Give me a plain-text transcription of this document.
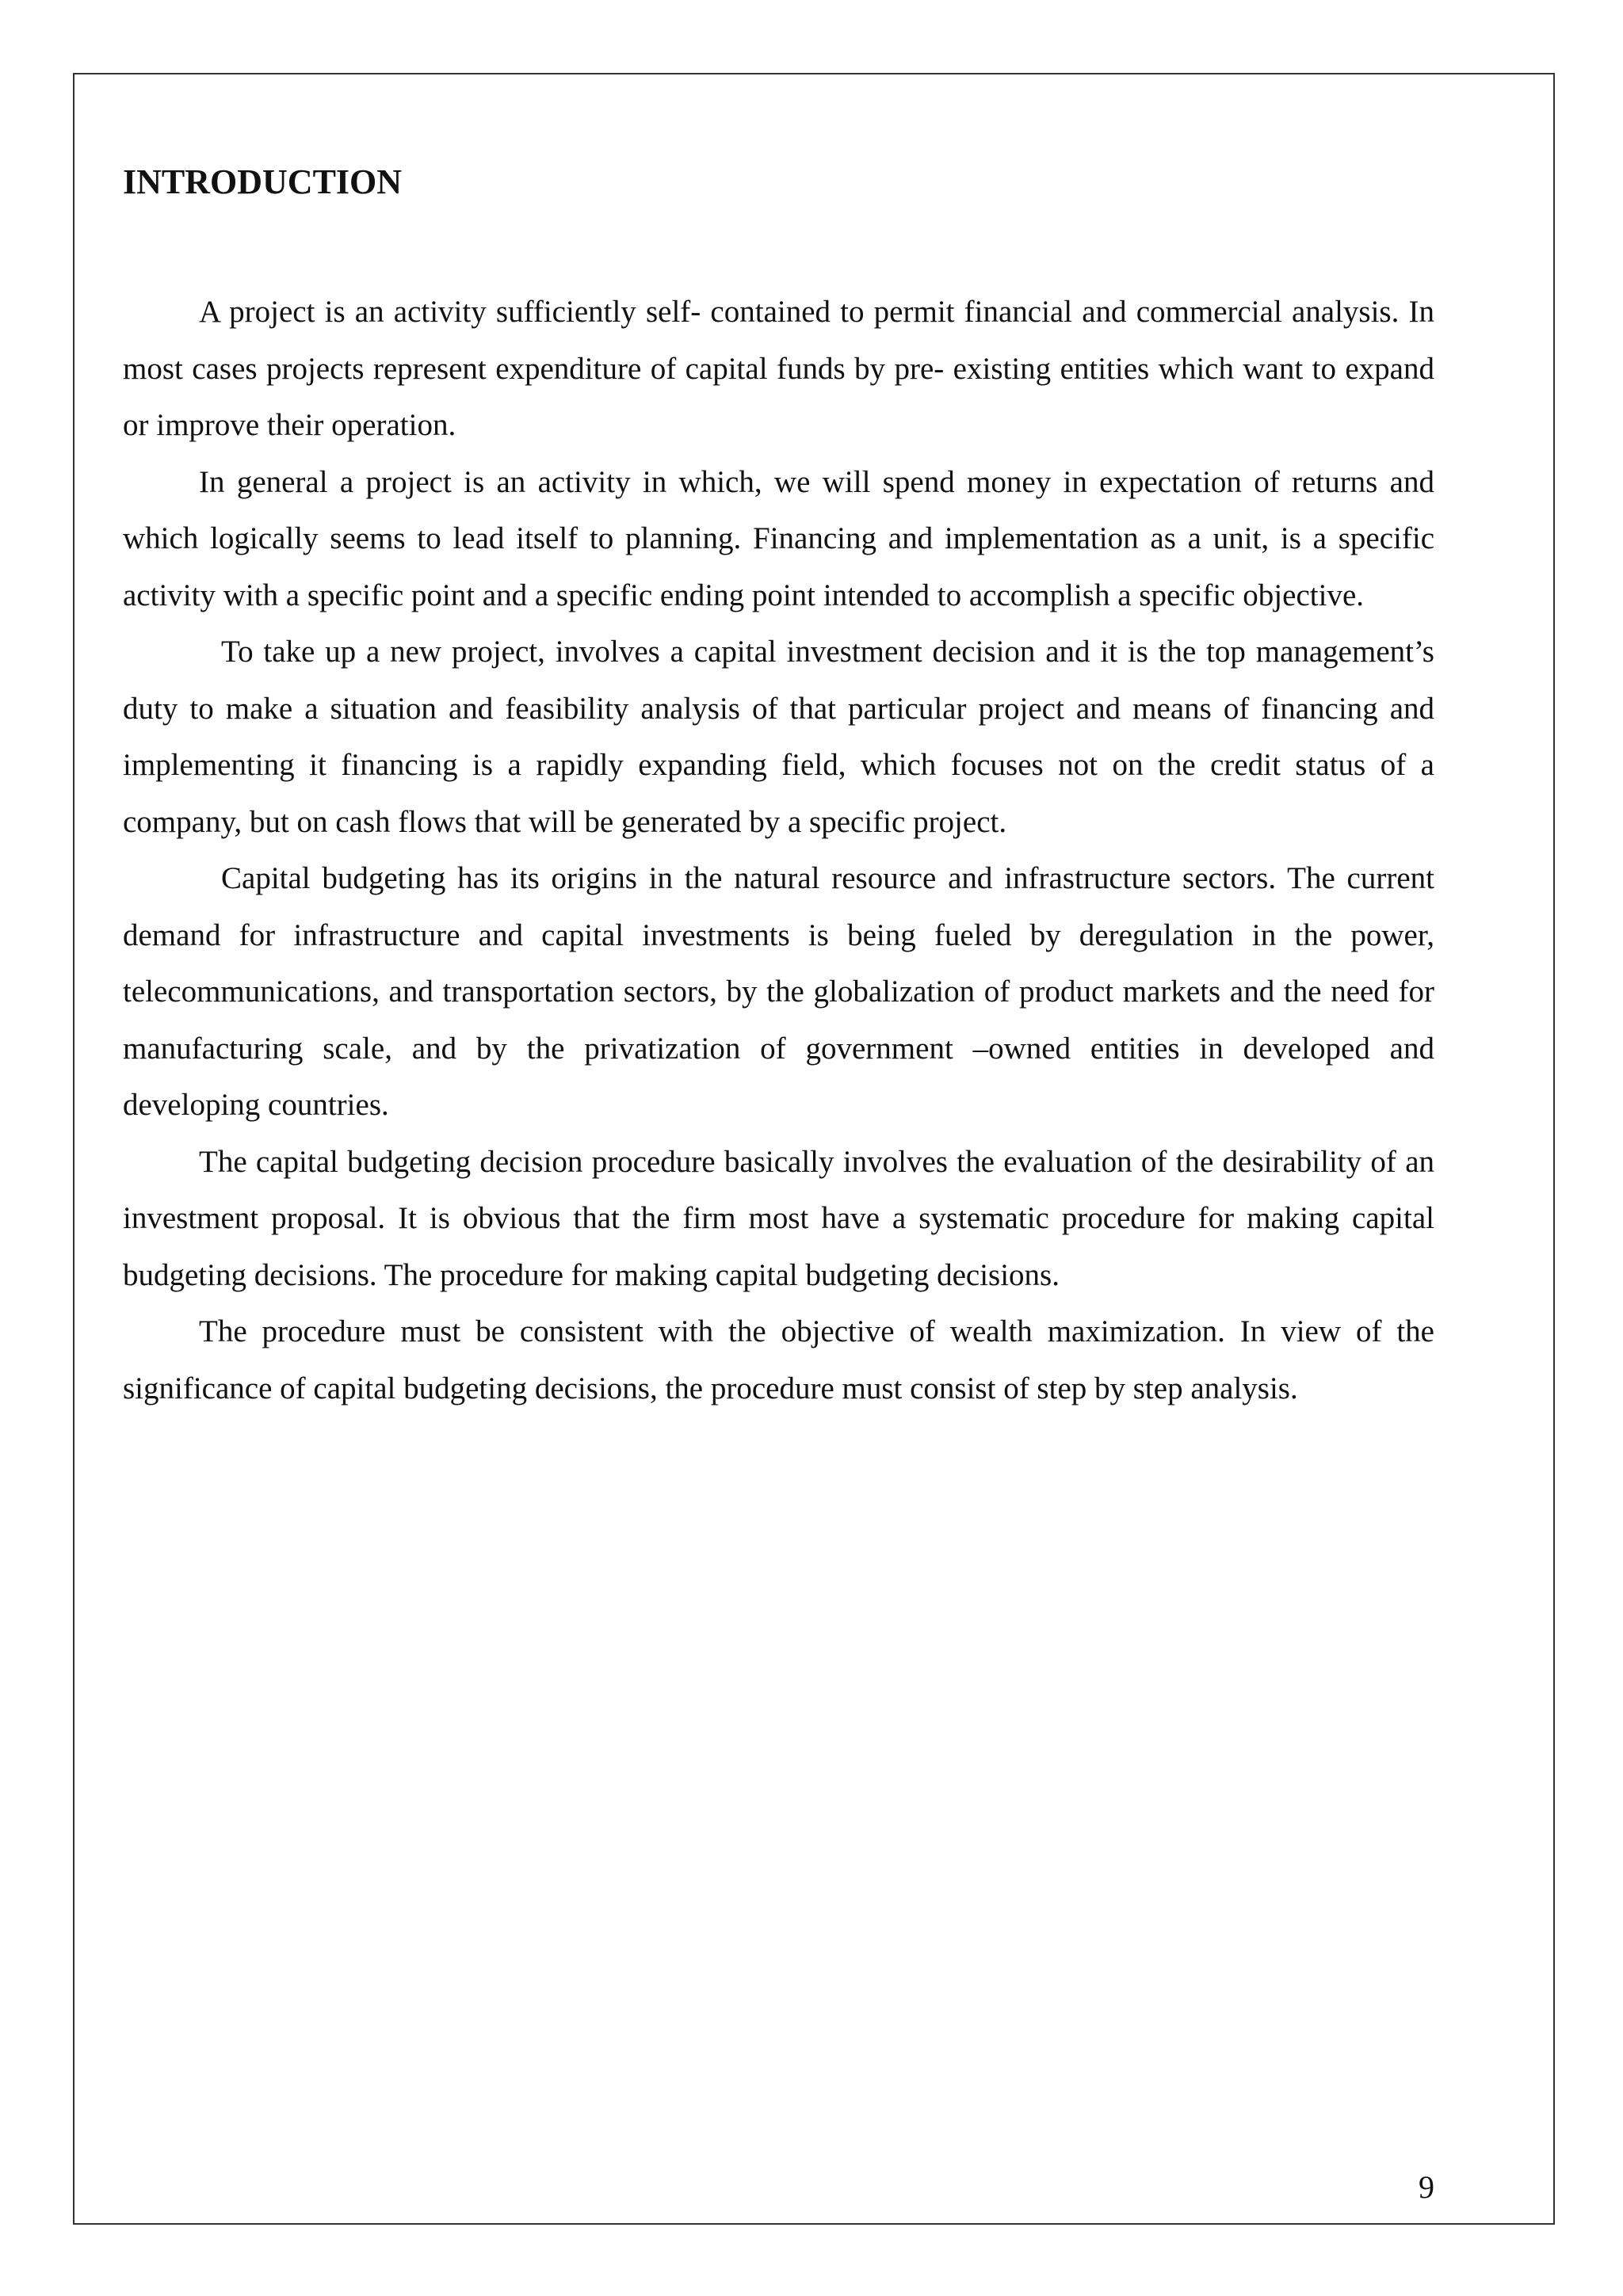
INTRODUCTION

A project is an activity sufficiently self- contained to permit financial and commercial analysis. In most cases projects represent expenditure of capital funds by pre- existing entities which want to expand or improve their operation.

In general a project is an activity in which, we will spend money in expectation of returns and which logically seems to lead itself to planning. Financing and implementation as a unit, is a specific activity with a specific point and a specific ending point intended to accomplish a specific objective.

To take up a new project, involves a capital investment decision and it is the top management’s duty to make a situation and feasibility analysis of that particular project and means of financing and implementing it financing is a rapidly expanding field, which focuses not on the credit status of a company, but on cash flows that will be generated by a specific project.

Capital budgeting has its origins in the natural resource and infrastructure sectors. The current demand for infrastructure and capital investments is being fueled by deregulation in the power, telecommunications, and transportation sectors, by the globalization of product markets and the need for manufacturing scale, and by the privatization of government –owned entities in developed and developing countries.

The capital budgeting decision procedure basically involves the evaluation of the desirability of an investment proposal. It is obvious that the firm most have a systematic procedure for making capital budgeting decisions. The procedure for making capital budgeting decisions.

The procedure must be consistent with the objective of wealth maximization. In view of the significance of capital budgeting decisions, the procedure must consist of step by step analysis.

9
